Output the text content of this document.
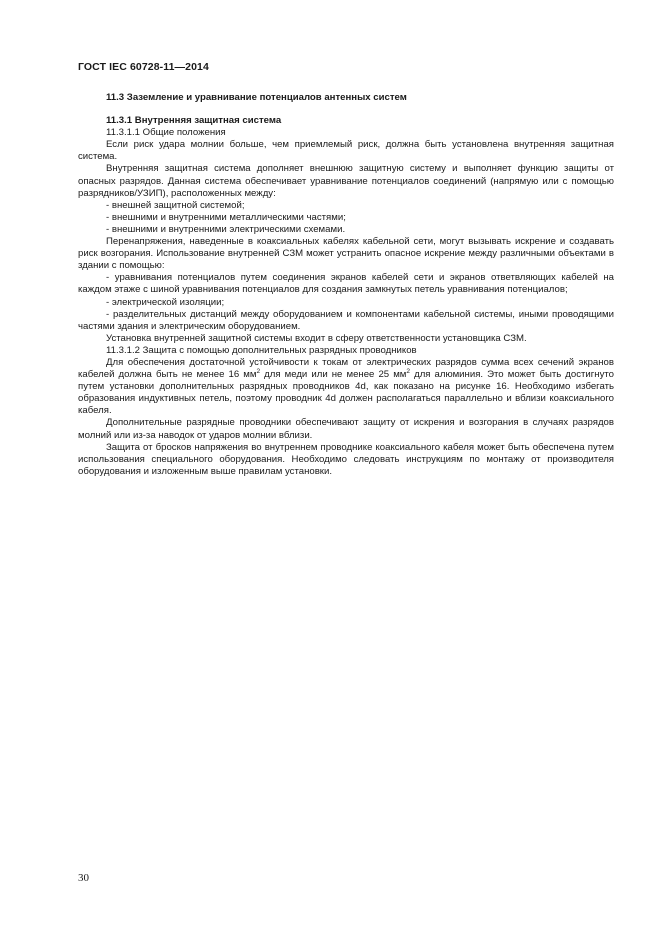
ГОСТ IEC 60728-11—2014

11.3 Заземление и уравнивание потенциалов антенных систем

11.3.1 Внутренняя защитная система

11.3.1.1 Общие положения

Если риск удара молнии больше, чем приемлемый риск, должна быть установлена внутренняя защитная система.

Внутренняя защитная система дополняет внешнюю защитную систему и выполняет функцию защиты от опасных разрядов. Данная система обеспечивает уравнивание потенциалов соединений (напрямую или с помощью разрядников/УЗИП), расположенных между:

- внешней защитной системой;

- внешними и внутренними металлическими частями;

- внешними и внутренними электрическими схемами.

Перенапряжения, наведенные в коаксиальных кабелях кабельной сети, могут вызывать искрение и создавать риск возгорания. Использование внутренней СЗМ может устранить опасное искрение между различными объектами в здании с помощью:

- уравнивания потенциалов путем соединения экранов кабелей сети и экранов ответвляющих кабелей на каждом этаже с шиной уравнивания потенциалов для создания замкнутых петель уравнивания потенциалов;

- электрической изоляции;

- разделительных дистанций между оборудованием и компонентами кабельной системы, иными проводящими частями здания и электрическим оборудованием.

Установка внутренней защитной системы входит в сферу ответственности установщика СЗМ.

11.3.1.2 Защита с помощью дополнительных разрядных проводников

Для обеспечения достаточной устойчивости к токам от электрических разрядов сумма всех сечений экранов кабелей должна быть не менее 16 $мм^2$ для меди или не менее 25 $мм^2$ для алюминия. Это может быть достигнуто путем установки дополнительных разрядных проводников 4d, как показано на рисунке 16. Необходимо избегать образования индуктивных петель, поэтому проводник 4d должен располагаться параллельно и вблизи коаксиального кабеля.

Дополнительные разрядные проводники обеспечивают защиту от искрения и возгорания в случаях разрядов молний или из-за наводок от ударов молнии вблизи.

Защита от бросков напряжения во внутреннем проводнике коаксиального кабеля может быть обеспечена путем использования специального оборудования. Необходимо следовать инструкциям по монтажу от производителя оборудования и изложенным выше правилам установки.

30
